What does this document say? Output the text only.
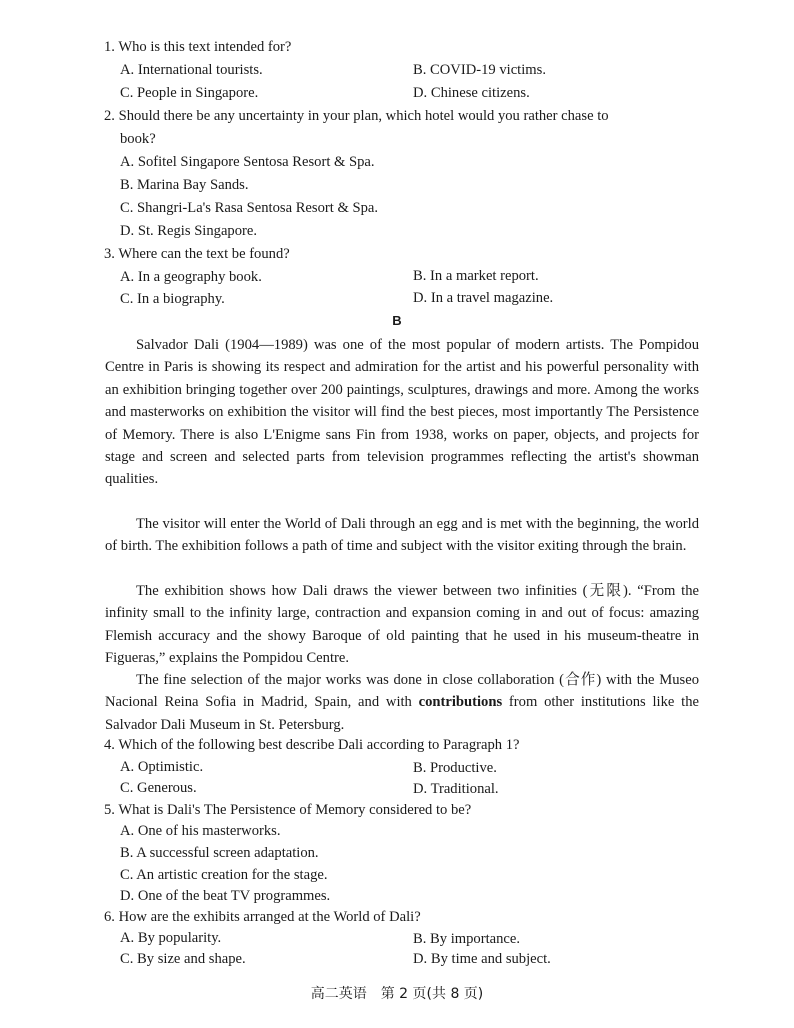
1. Who is this text intended for?
A. International tourists.	B. COVID-19 victims.
C. People in Singapore.	D. Chinese citizens.
2. Should there be any uncertainty in your plan, which hotel would you rather chase to
book?
A. Sofitel Singapore Sentosa Resort & Spa.
B. Marina Bay Sands.
C. Shangri-La's Rasa Sentosa Resort & Spa.
D. St. Regis Singapore.
3. Where can the text be found?
A. In a geography book.	B. In a market report.
C. In a biography.	D. In a travel magazine.
B
Salvador Dali (1904—1989) was one of the most popular of modern artists. The Pompidou Centre in Paris is showing its respect and admiration for the artist and his powerful personality with an exhibition bringing together over 200 paintings, sculptures, drawings and more. Among the works and masterworks on exhibition the visitor will find the best pieces, most importantly The Persistence of Memory. There is also L'Enigme sans Fin from 1938, works on paper, objects, and projects for stage and screen and selected parts from television programmes reflecting the artist's showman qualities.
The visitor will enter the World of Dali through an egg and is met with the beginning, the world of birth. The exhibition follows a path of time and subject with the visitor exiting through the brain.
The exhibition shows how Dali draws the viewer between two infinities (无限). “From the infinity small to the infinity large, contraction and expansion coming in and out of focus: amazing Flemish accuracy and the showy Baroque of old painting that he used in his museum-theatre in Figueras,” explains the Pompidou Centre.
The fine selection of the major works was done in close collaboration (合作) with the Museo Nacional Reina Sofia in Madrid, Spain, and with contributions from other institutions like the Salvador Dali Museum in St. Petersburg.
4. Which of the following best describe Dali according to Paragraph 1?
A. Optimistic.	B. Productive.
C. Generous.	D. Traditional.
5. What is Dali's The Persistence of Memory considered to be?
A. One of his masterworks.
B. A successful screen adaptation.
C. An artistic creation for the stage.
D. One of the beat TV programmes.
6. How are the exhibits arranged at the World of Dali?
A. By popularity.	B. By importance.
C. By size and shape.	D. By time and subject.
高二英语　第 2 页(共 8 页)
